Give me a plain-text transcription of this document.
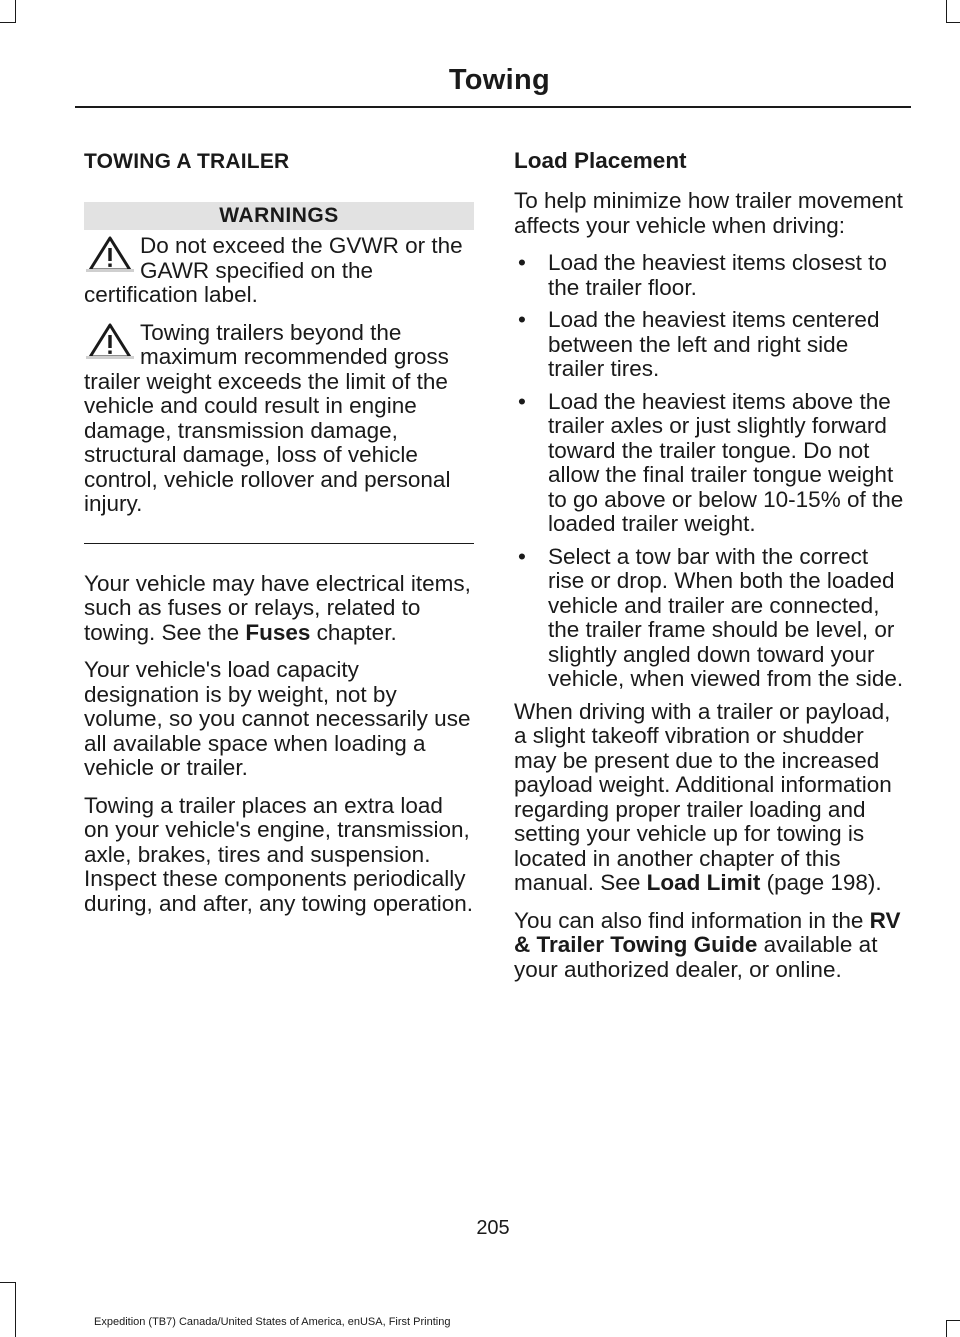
Towing
TOWING A TRAILER
WARNINGS
Do not exceed the GVWR or the GAWR specified on the certification label.
Towing trailers beyond the maximum recommended gross trailer weight exceeds the limit of the vehicle and could result in engine damage, transmission damage, structural damage, loss of vehicle control, vehicle rollover and personal injury.

Your vehicle may have electrical items, such as fuses or relays, related to towing. See the Fuses chapter.

Your vehicle's load capacity designation is by weight, not by volume, so you cannot necessarily use all available space when loading a vehicle or trailer.

Towing a trailer places an extra load on your vehicle's engine, transmission, axle, brakes, tires and suspension. Inspect these components periodically during, and after, any towing operation.

Load Placement

To help minimize how trailer movement affects your vehicle when driving:

• Load the heaviest items closest to the trailer floor.
• Load the heaviest items centered between the left and right side trailer tires.
• Load the heaviest items above the trailer axles or just slightly forward toward the trailer tongue. Do not allow the final trailer tongue weight to go above or below 10-15% of the loaded trailer weight.
• Select a tow bar with the correct rise or drop. When both the loaded vehicle and trailer are connected, the trailer frame should be level, or slightly angled down toward your vehicle, when viewed from the side.

When driving with a trailer or payload, a slight takeoff vibration or shudder may be present due to the increased payload weight. Additional information regarding proper trailer loading and setting your vehicle up for towing is located in another chapter of this manual. See Load Limit (page 198).

You can also find information in the RV & Trailer Towing Guide available at your authorized dealer, or online.

205
Expedition (TB7) Canada/United States of America, enUSA, First Printing
